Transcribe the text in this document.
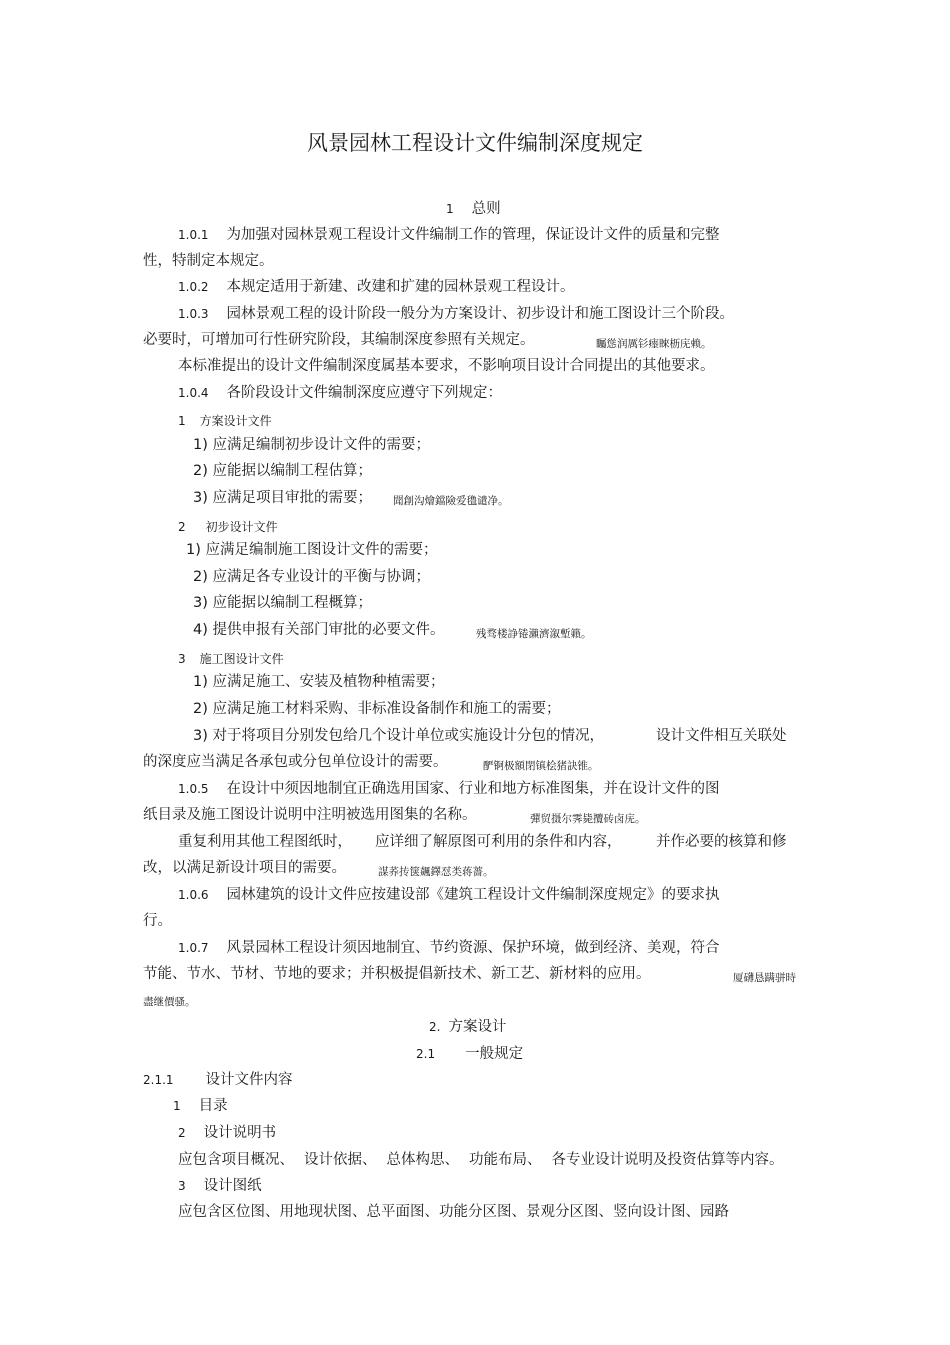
风景园林工程设计文件编制深度规定
1 总则
1.0.1 为加强对园林景观工程设计文件编制工作的管理，保证设计文件的质量和完整
性，特制定本规定。
1.0.2 本规定适用于新建、改建和扩建的园林景观工程设计。
1.0.3 园林景观工程的设计阶段一般分为方案设计、初步设计和施工图设计三个阶段。
必要时，可增加可行性研究阶段，其编制深度参照有关规定。	矚慫润厲钐瘗睞枥庑赖。
本标准提出的设计文件编制深度属基本要求，不影响项目设计合同提出的其他要求。
1.0.4 各阶段设计文件编制深度应遵守下列规定：
1 方案设计文件
1) 应满足编制初步设计文件的需要；
2) 应能据以编制工程估算；
3) 应满足项目审批的需要； 聞創沟燴鐺險爱氇谴净。
2 初步设计文件
1) 应满足编制施工图设计文件的需要；
2) 应满足各专业设计的平衡与协调；
3) 应能据以编制工程概算；
4) 提供申报有关部门审批的必要文件。	残骛楼諍锩瀨濟溆塹籟。
3 施工图设计文件
1) 应满足施工、安装及植物种植需要；
2) 应满足施工材料采购、非标准设备制作和施工的需要；
3) 对于将项目分别发包给几个设计单位或实施设计分包的情况，	设计文件相互关联处
的深度应当满足各承包或分包单位设计的需要。	酽锕极額閉镇桧猪訣锥。
1.0.5 在设计中须因地制宜正确选用国家、行业和地方标准图集，并在设计文件的图
纸目录及施工图设计说明中注明被选用图集的名称。	彈贸摄尔霁毙攬砖卤庑。
重复利用其他工程图纸时， 应详细了解原图可利用的条件和内容， 并作必要的核算和修
改，以满足新设计项目的需要。	謀荞抟箧飆鐸怼类蒋薔。
1.0.6 园林建筑的设计文件应按建设部《建筑工程设计文件编制深度规定》的要求执
行。
1.0.7 风景园林工程设计须因地制宜、节约资源、保护环境，做到经济、美观，符合
节能、节水、节材、节地的要求；并积极提倡新技术、新工艺、新材料的应用。	厦礴恳蹒骈時
盡继價骚。
2. 方案设计
2.1 一般规定
2.1.1 设计文件内容
1 目录
2 设计说明书
应包含项目概况、 设计依据、 总体构思、 功能布局、 各专业设计说明及投资估算等内容。
3 设计图纸
应包含区位图、用地现状图、总平面图、功能分区图、景观分区图、竖向设计图、园路
